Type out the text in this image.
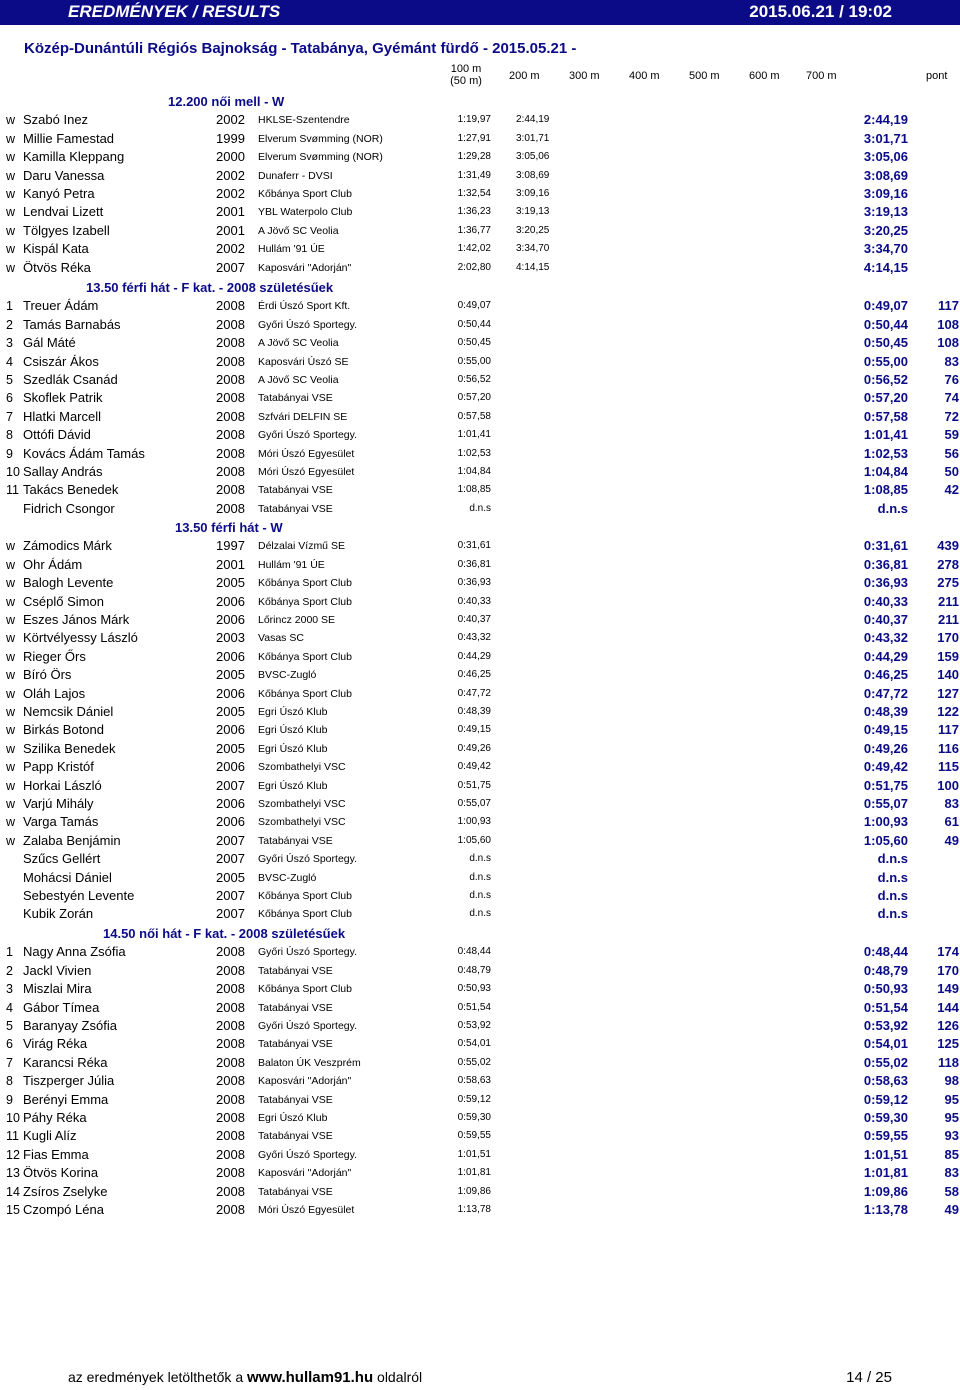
EREDMÉNYEK / RESULTS	2015.06.21 / 19:02
Közép-Dunántúli Régiós Bajnokság - Tatabánya, Gyémánt fürdő - 2015.05.21 -
100 m
(50 m)	200 m	300 m	400 m	500 m	600 m 700 m	pont
12.200 női mell - W
w Szabó Inez	2002 HKLSE-Szentendre	1:19,97	2:44,19	2:44,19
w Millie Famestad	1999 Elverum Svømming (NOR)	1:27,91	3:01,71	3:01,71
w Kamilla Kleppang	2000 Elverum Svømming (NOR)	1:29,28	3:05,06	3:05,06
w Daru Vanessa	2002 Dunaferr - DVSI	1:31,49	3:08,69	3:08,69
w Kanyó Petra	2002 Kőbánya Sport Club	1:32,54	3:09,16	3:09,16
w Lendvai Lizett	2001 YBL Waterpolo Club	1:36,23	3:19,13	3:19,13
w Tölgyes Izabell	2001 A Jövő SC Veolia	1:36,77	3:20,25	3:20,25
w Kispál Kata	2002 Hullám '91 ÚE	1:42,02	3:34,70	3:34,70
w Ötvös Réka	2007 Kaposvári "Adorján"	2:02,80	4:14,15	4:14,15
13.50 férfi hát - F kat. - 2008 születésűek
1 Treuer Ádám	2008 Érdi Úszó Sport Kft.	0:49,07	0:49,07	117
2 Tamás Barnabás	2008 Győri Úszó Sportegy.	0:50,44	0:50,44	108
3 Gál Máté	2008 A Jövő SC Veolia	0:50,45	0:50,45	108
4 Csiszár Ákos	2008 Kaposvári Úszó SE	0:55,00	0:55,00	83
5 Szedlák Csanád	2008 A Jövő SC Veolia	0:56,52	0:56,52	76
6 Skoflek Patrik	2008 Tatabányai VSE	0:57,20	0:57,20	74
7 Hlatki Marcell	2008 Szfvári DELFIN SE	0:57,58	0:57,58	72
8 Ottófi Dávid	2008 Győri Úszó Sportegy.	1:01,41	1:01,41	59
9 Kovács Ádám Tamás	2008 Móri Úszó Egyesület	1:02,53	1:02,53	56
10 Sallay András	2008 Móri Úszó Egyesület	1:04,84	1:04,84	50
11 Takács Benedek	2008 Tatabányai VSE	1:08,85	1:08,85	42
Fidrich Csongor	2008 Tatabányai VSE	d.n.s	d.n.s
13.50 férfi hát - W
w Zámodics Márk	1997 Délzalai Vízmű SE	0:31,61	0:31,61	439
w Ohr Ádám	2001 Hullám '91 ÚE	0:36,81	0:36,81	278
w Balogh Levente	2005 Kőbánya Sport Club	0:36,93	0:36,93	275
w Cséplő Simon	2006 Kőbánya Sport Club	0:40,33	0:40,33	211
w Eszes János Márk	2006 Lőrincz 2000 SE	0:40,37	0:40,37	211
w Körtvélyessy László	2003 Vasas SC	0:43,32	0:43,32	170
w Rieger Őrs	2006 Kőbánya Sport Club	0:44,29	0:44,29	159
w Bíró Örs	2005 BVSC-Zugló	0:46,25	0:46,25	140
w Oláh Lajos	2006 Kőbánya Sport Club	0:47,72	0:47,72	127
w Nemcsik Dániel	2005 Egri Úszó Klub	0:48,39	0:48,39	122
w Birkás Botond	2006 Egri Úszó Klub	0:49,15	0:49,15	117
w Szilika Benedek	2005 Egri Úszó Klub	0:49,26	0:49,26	116
w Papp Kristóf	2006 Szombathelyi VSC	0:49,42	0:49,42	115
w Horkai László	2007 Egri Úszó Klub	0:51,75	0:51,75	100
w Varjú Mihály	2006 Szombathelyi VSC	0:55,07	0:55,07	83
w Varga Tamás	2006 Szombathelyi VSC	1:00,93	1:00,93	61
w Zalaba Benjámin	2007 Tatabányai VSE	1:05,60	1:05,60	49
Szűcs Gellért	2007 Győri Úszó Sportegy.	d.n.s	d.n.s
Mohácsi Dániel	2005 BVSC-Zugló	d.n.s	d.n.s
Sebestyén Levente	2007 Kőbánya Sport Club	d.n.s	d.n.s
Kubik Zorán	2007 Kőbánya Sport Club	d.n.s	d.n.s
14.50 női hát - F kat. - 2008 születésűek
1 Nagy Anna Zsófia	2008 Győri Úszó Sportegy.	0:48,44	0:48,44	174
2 Jackl Vivien	2008 Tatabányai VSE	0:48,79	0:48,79	170
3 Miszlai Mira	2008 Kőbánya Sport Club	0:50,93	0:50,93	149
4 Gábor Tímea	2008 Tatabányai VSE	0:51,54	0:51,54	144
5 Baranyay Zsófia	2008 Győri Úszó Sportegy.	0:53,92	0:53,92	126
6 Virág Réka	2008 Tatabányai VSE	0:54,01	0:54,01	125
7 Karancsi Réka	2008 Balaton ÚK Veszprém	0:55,02	0:55,02	118
8 Tiszperger Júlia	2008 Kaposvári "Adorján"	0:58,63	0:58,63	98
9 Berényi Emma	2008 Tatabányai VSE	0:59,12	0:59,12	95
10 Páhy Réka	2008 Egri Úszó Klub	0:59,30	0:59,30	95
11 Kugli Alíz	2008 Tatabányai VSE	0:59,55	0:59,55	93
12 Fias Emma	2008 Győri Úszó Sportegy.	1:01,51	1:01,51	85
13 Ötvös Korina	2008 Kaposvári "Adorján"	1:01,81	1:01,81	83
14 Zsíros Zselyke	2008 Tatabányai VSE	1:09,86	1:09,86	58
15 Czompó Léna	2008 Móri Úszó Egyesület	1:13,78	1:13,78	49
az eredmények letölthetők a www.hullam91.hu oldalról	14 / 25
